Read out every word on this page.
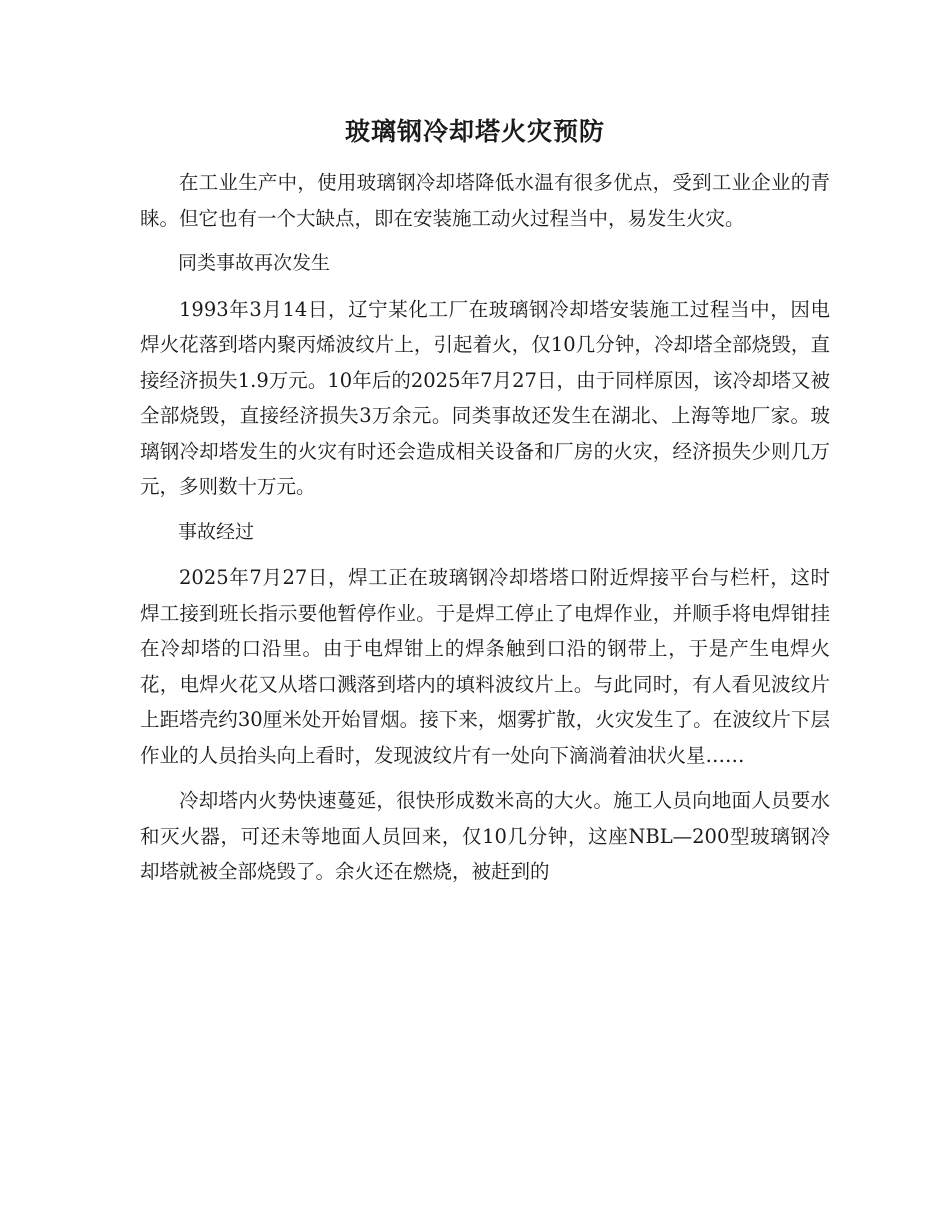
玻璃钢冷却塔火灾预防

在工业生产中，使用玻璃钢冷却塔降低水温有很多优点，受到工业企业的青睐。但它也有一个大缺点，即在安装施工动火过程当中，易发生火灾。

同类事故再次发生

1993年3月14日，辽宁某化工厂在玻璃钢冷却塔安装施工过程当中，因电焊火花落到塔内聚丙烯波纹片上，引起着火，仅10几分钟，冷却塔全部烧毁，直接经济损失1.9万元。10年后的2025年7月27日，由于同样原因，该冷却塔又被全部烧毁，直接经济损失3万余元。同类事故还发生在湖北、上海等地厂家。玻璃钢冷却塔发生的火灾有时还会造成相关设备和厂房的火灾，经济损失少则几万元，多则数十万元。

事故经过

2025年7月27日，焊工正在玻璃钢冷却塔塔口附近焊接平台与栏杆，这时焊工接到班长指示要他暂停作业。于是焊工停止了电焊作业，并顺手将电焊钳挂在冷却塔的口沿里。由于电焊钳上的焊条触到口沿的钢带上，于是产生电焊火花，电焊火花又从塔口溅落到塔内的填料波纹片上。与此同时，有人看见波纹片上距塔壳约30厘米处开始冒烟。接下来，烟雾扩散，火灾发生了。在波纹片下层作业的人员抬头向上看时，发现波纹片有一处向下滴淌着油状火星……

冷却塔内火势快速蔓延，很快形成数米高的大火。施工人员向地面人员要水和灭火器，可还未等地面人员回来，仅10几分钟，这座NBL—200型玻璃钢冷却塔就被全部烧毁了。余火还在燃烧，被赶到的
